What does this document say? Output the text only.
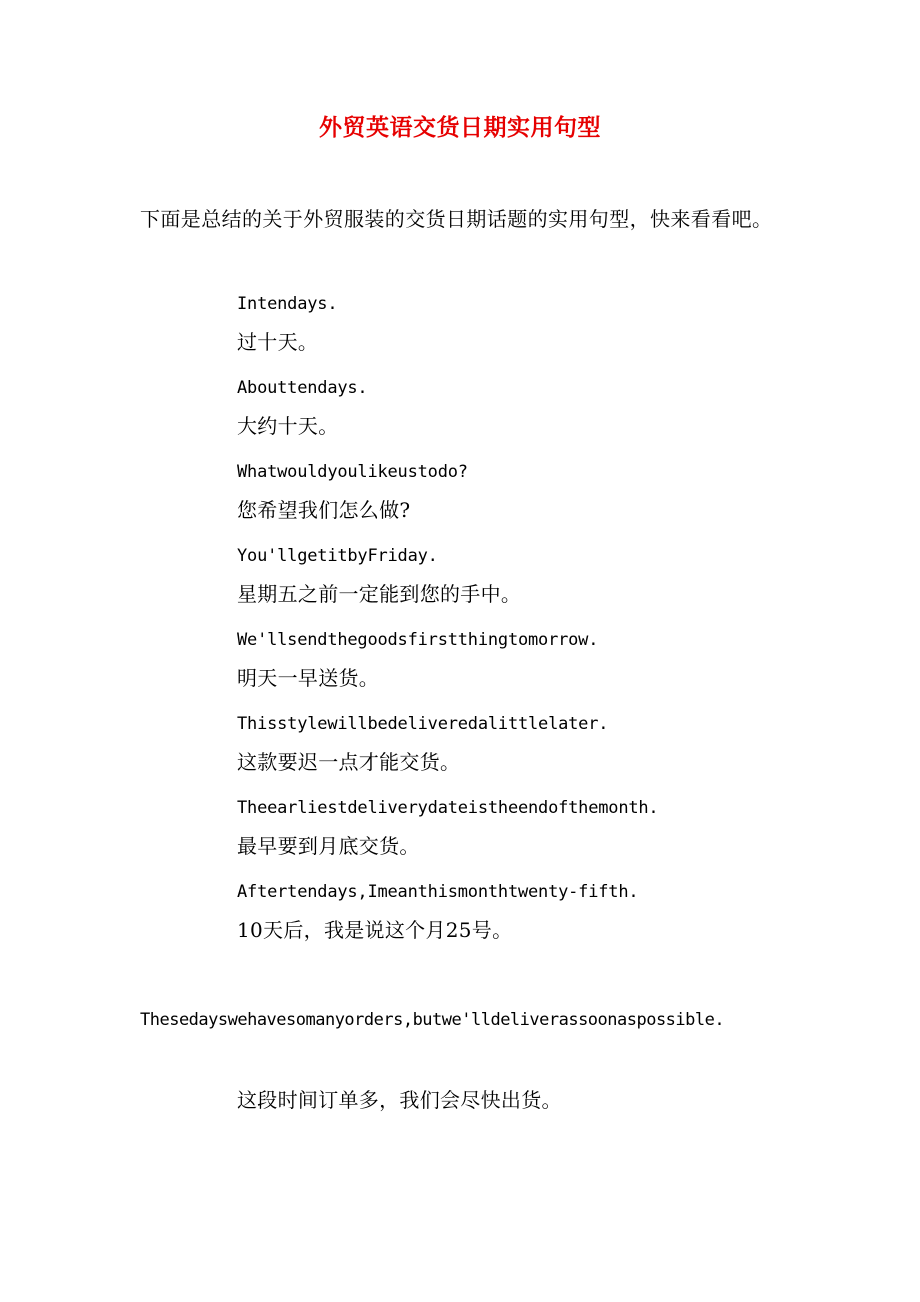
外贸英语交货日期实用句型
下面是总结的关于外贸服装的交货日期话题的实用句型，快来看看吧。
Intendays.
过十天。
Abouttendays.
大约十天。
Whatwouldyoulikeustodo?
您希望我们怎么做?
You'llgetitbyFriday.
星期五之前一定能到您的手中。
We'llsendthegoodsfirstthingtomorrow.
明天一早送货。
Thisstylewillbedeliveredalittlelater.
这款要迟一点才能交货。
Theearliestdeliverydateistheendofthemonth.
最早要到月底交货。
Aftertendays,Imeanthismonthtwenty-fifth.
10天后，我是说这个月25号。
Thesedayswehavesomanyorders,butwe'lldeliverassoonaspossible.
这段时间订单多，我们会尽快出货。
